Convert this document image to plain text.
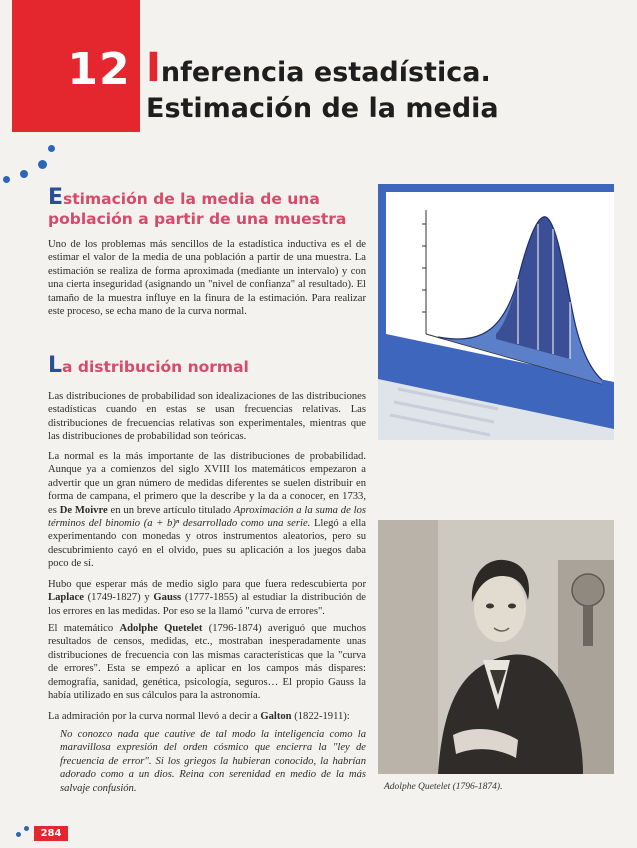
12 Inferencia estadística.
Estimación de la media
Estimación de la media de una
población a partir de una muestra
Uno de los problemas más sencillos de la estadística inductiva es el de estimar el valor de la media de una población a partir de una muestra. La estimación se realiza de forma aproximada (mediante un intervalo) y con una cierta inseguridad (asignando un "nivel de confianza" al resultado). El tamaño de la muestra influye en la finura de la estimación. Para realizar este proceso, se echa mano de la curva normal.
La distribución normal
Las distribuciones de probabilidad son idealizaciones de las distribuciones estadísticas cuando en estas se usan frecuencias relativas. Las distribuciones de frecuencias relativas son experimentales, mientras que las distribuciones de probabilidad son teóricas.
La normal es la más importante de las distribuciones de probabilidad. Aunque ya a comienzos del siglo XVIII los matemáticos empezaron a advertir que un gran número de medidas diferentes se suelen distribuir en forma de campana, el primero que la describe y la da a conocer, en 1733, es De Moivre en un breve artículo titulado Aproximación a la suma de los términos del binomio (a + b)ⁿ desarrollado como una serie. Llegó a ella experimentando con monedas y otros instrumentos aleatorios, pero su descubrimiento cayó en el olvido, pues su aplicación a los juegos daba poco de sí.
Hubo que esperar más de medio siglo para que fuera redescubierta por Laplace (1749-1827) y Gauss (1777-1855) al estudiar la distribución de los errores en las medidas. Por eso se la llamó "curva de errores".
El matemático Adolphe Quetelet (1796-1874) averiguó que muchos resultados de censos, medidas, etc., mostraban inesperadamente unas distribuciones de frecuencia con las mismas características que la "curva de errores". Esta se empezó a aplicar en los campos más dispares: demografía, sanidad, genética, psicología, seguros… El propio Gauss la había utilizado en sus cálculos para la astronomía.
La admiración por la curva normal llevó a decir a Galton (1822-1911):
No conozco nada que cautive de tal modo la inteligencia como la maravillosa expresión del orden cósmico que encierra la "ley de frecuencia de error". Si los griegos la hubieran conocido, la habrían adorado como a un dios. Reina con serenidad en medio de la más salvaje confusión.	Adolphe Quetelet (1796-1874).
284
